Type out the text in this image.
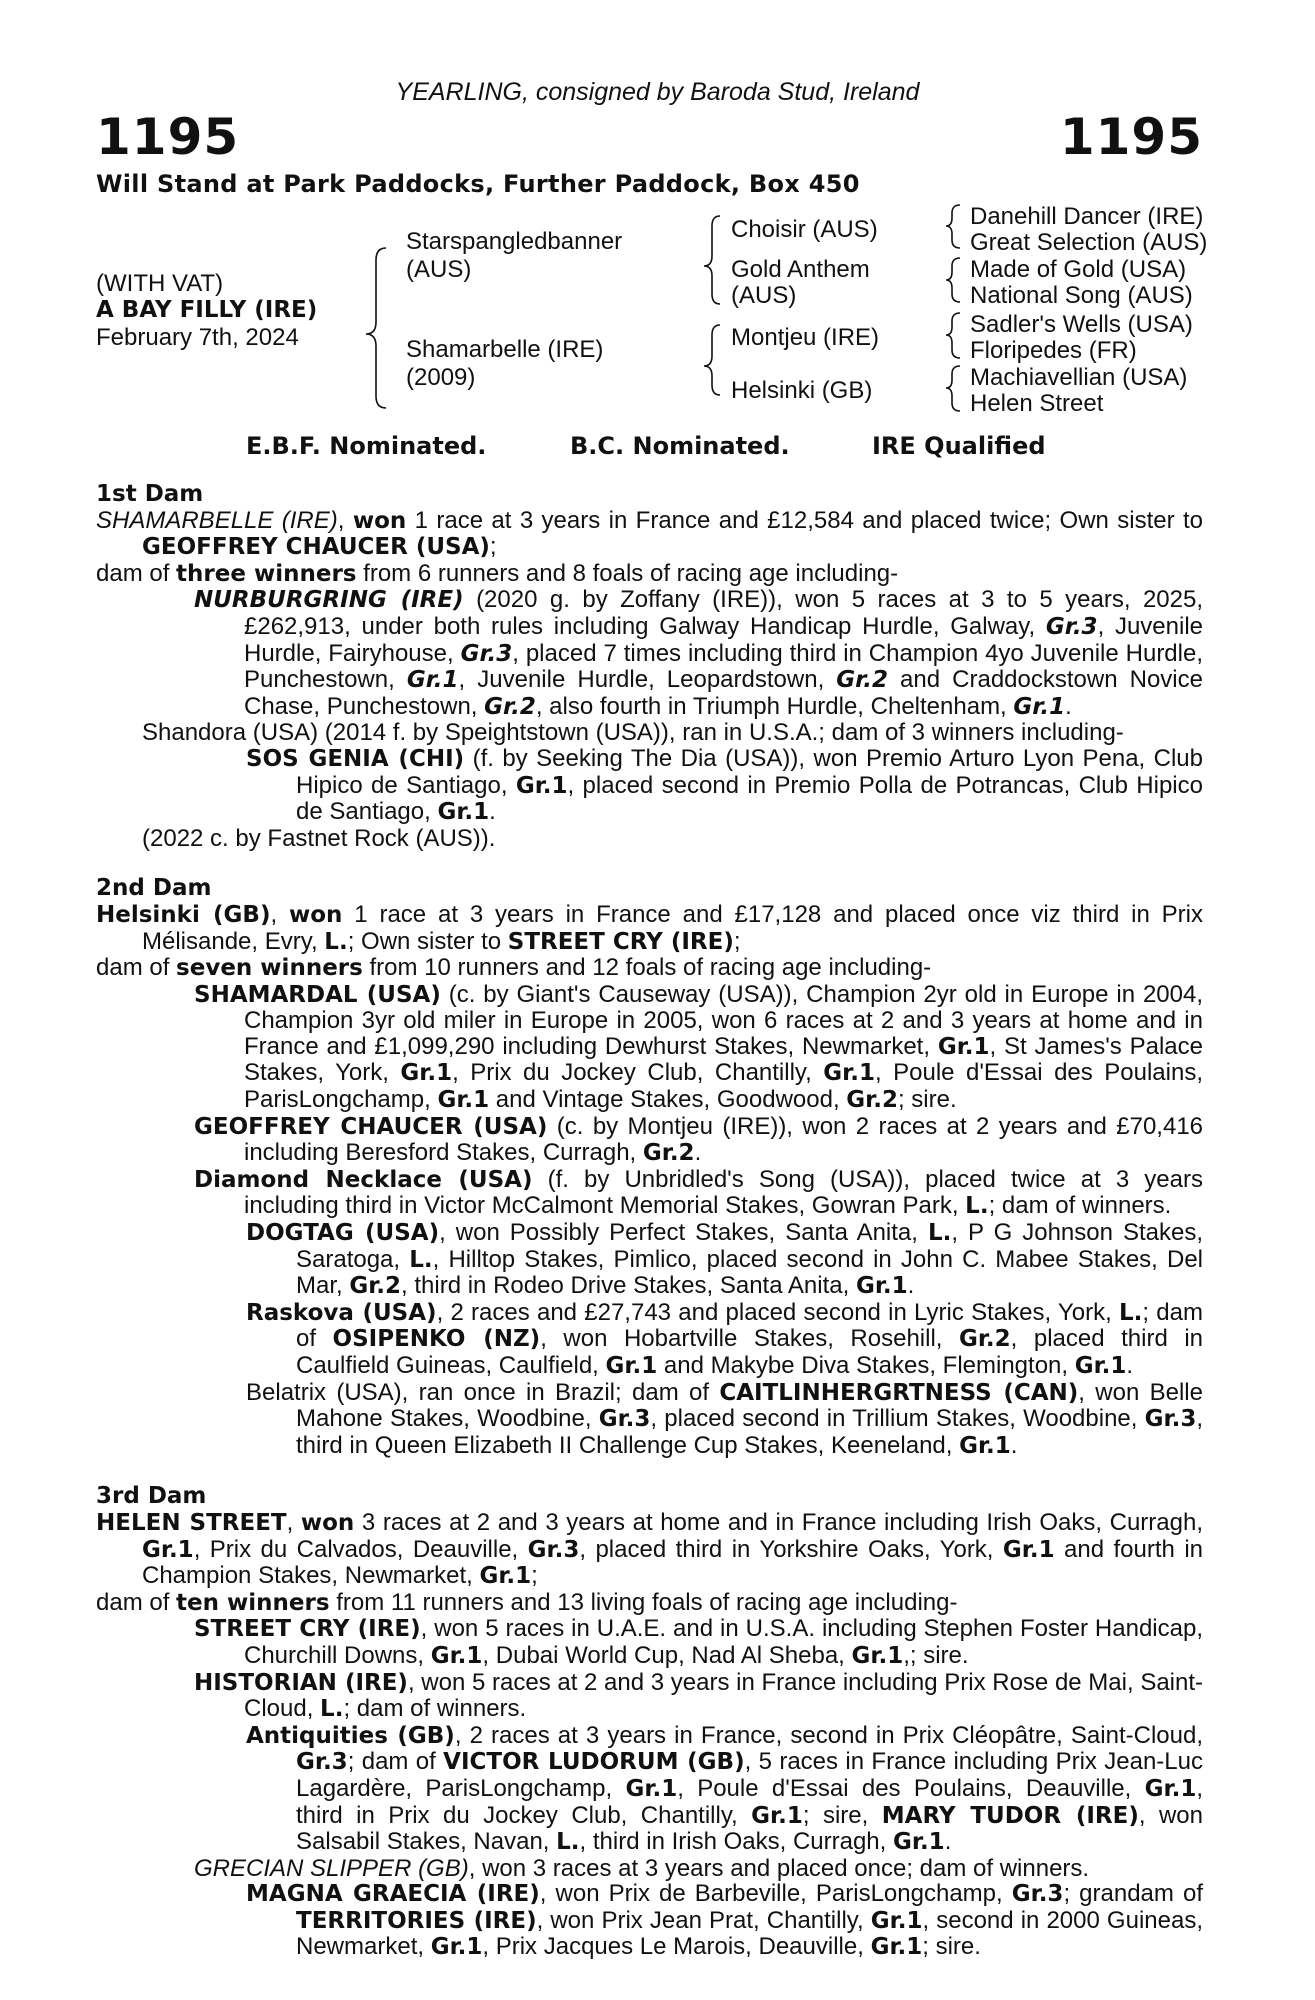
YEARLING, consigned by Baroda Stud, Ireland
1195	1195
Will Stand at Park Paddocks, Further Paddock, Box 450
(WITH VAT)
A BAY FILLY (IRE)
February 7th, 2024
Starspangledbanner
(AUS)
Shamarbelle (IRE)
(2009)
Choisir (AUS)
Gold Anthem
(AUS)
Montjeu (IRE)
Helsinki (GB)
Danehill Dancer (IRE)
Great Selection (AUS)
Made of Gold (USA)
National Song (AUS)
Sadler's Wells (USA)
Floripedes (FR)
Machiavellian (USA)
Helen Street
E.B.F. Nominated.	B.C. Nominated.	IRE Qualified
1st Dam

SHAMARBELLE (IRE), won 1 race at 3 years in France and £12,584 and placed twice; Own sister to GEOFFREY CHAUCER (USA);

dam of three winners from 6 runners and 8 foals of racing age including-

NURBURGRING (IRE) (2020 g. by Zoffany (IRE)), won 5 races at 3 to 5 years, 2025, £262,913, under both rules including Galway Handicap Hurdle, Galway, Gr.3, Juvenile Hurdle, Fairyhouse, Gr.3, placed 7 times including third in Champion 4yo Juvenile Hurdle, Punchestown, Gr.1, Juvenile Hurdle, Leopardstown, Gr.2 and Craddockstown Novice Chase, Punchestown, Gr.2, also fourth in Triumph Hurdle, Cheltenham, Gr.1.

Shandora (USA) (2014 f. by Speightstown (USA)), ran in U.S.A.; dam of 3 winners including-

SOS GENIA (CHI) (f. by Seeking The Dia (USA)), won Premio Arturo Lyon Pena, Club Hipico de Santiago, Gr.1, placed second in Premio Polla de Potrancas, Club Hipico de Santiago, Gr.1.

(2022 c. by Fastnet Rock (AUS)).

2nd Dam

Helsinki (GB), won 1 race at 3 years in France and £17,128 and placed once viz third in Prix Mélisande, Evry, L.; Own sister to STREET CRY (IRE);

dam of seven winners from 10 runners and 12 foals of racing age including-

SHAMARDAL (USA) (c. by Giant's Causeway (USA)), Champion 2yr old in Europe in 2004, Champion 3yr old miler in Europe in 2005, won 6 races at 2 and 3 years at home and in France and £1,099,290 including Dewhurst Stakes, Newmarket, Gr.1, St James's Palace Stakes, York, Gr.1, Prix du Jockey Club, Chantilly, Gr.1, Poule d'Essai des Poulains, ParisLongchamp, Gr.1 and Vintage Stakes, Goodwood, Gr.2; sire.

GEOFFREY CHAUCER (USA) (c. by Montjeu (IRE)), won 2 races at 2 years and £70,416 including Beresford Stakes, Curragh, Gr.2.

Diamond Necklace (USA) (f. by Unbridled's Song (USA)), placed twice at 3 years including third in Victor McCalmont Memorial Stakes, Gowran Park, L.; dam of winners.

DOGTAG (USA), won Possibly Perfect Stakes, Santa Anita, L., P G Johnson Stakes, Saratoga, L., Hilltop Stakes, Pimlico, placed second in John C. Mabee Stakes, Del Mar, Gr.2, third in Rodeo Drive Stakes, Santa Anita, Gr.1.

Raskova (USA), 2 races and £27,743 and placed second in Lyric Stakes, York, L.; dam of OSIPENKO (NZ), won Hobartville Stakes, Rosehill, Gr.2, placed third in Caulfield Guineas, Caulfield, Gr.1 and Makybe Diva Stakes, Flemington, Gr.1.

Belatrix (USA), ran once in Brazil; dam of CAITLINHERGRTNESS (CAN), won Belle Mahone Stakes, Woodbine, Gr.3, placed second in Trillium Stakes, Woodbine, Gr.3, third in Queen Elizabeth II Challenge Cup Stakes, Keeneland, Gr.1.

3rd Dam

HELEN STREET, won 3 races at 2 and 3 years at home and in France including Irish Oaks, Curragh, Gr.1, Prix du Calvados, Deauville, Gr.3, placed third in Yorkshire Oaks, York, Gr.1 and fourth in Champion Stakes, Newmarket, Gr.1;

dam of ten winners from 11 runners and 13 living foals of racing age including-

STREET CRY (IRE), won 5 races in U.A.E. and in U.S.A. including Stephen Foster Handicap, Churchill Downs, Gr.1, Dubai World Cup, Nad Al Sheba, Gr.1,; sire.

HISTORIAN (IRE), won 5 races at 2 and 3 years in France including Prix Rose de Mai, Saint-Cloud, L.; dam of winners.

Antiquities (GB), 2 races at 3 years in France, second in Prix Cléopâtre, Saint-Cloud, Gr.3; dam of VICTOR LUDORUM (GB), 5 races in France including Prix Jean-Luc Lagardère, ParisLongchamp, Gr.1, Poule d'Essai des Poulains, Deauville, Gr.1, third in Prix du Jockey Club, Chantilly, Gr.1; sire, MARY TUDOR (IRE), won Salsabil Stakes, Navan, L., third in Irish Oaks, Curragh, Gr.1.

GRECIAN SLIPPER (GB), won 3 races at 3 years and placed once; dam of winners.

MAGNA GRAECIA (IRE), won Prix de Barbeville, ParisLongchamp, Gr.3; grandam of TERRITORIES (IRE), won Prix Jean Prat, Chantilly, Gr.1, second in 2000 Guineas, Newmarket, Gr.1, Prix Jacques Le Marois, Deauville, Gr.1; sire.
